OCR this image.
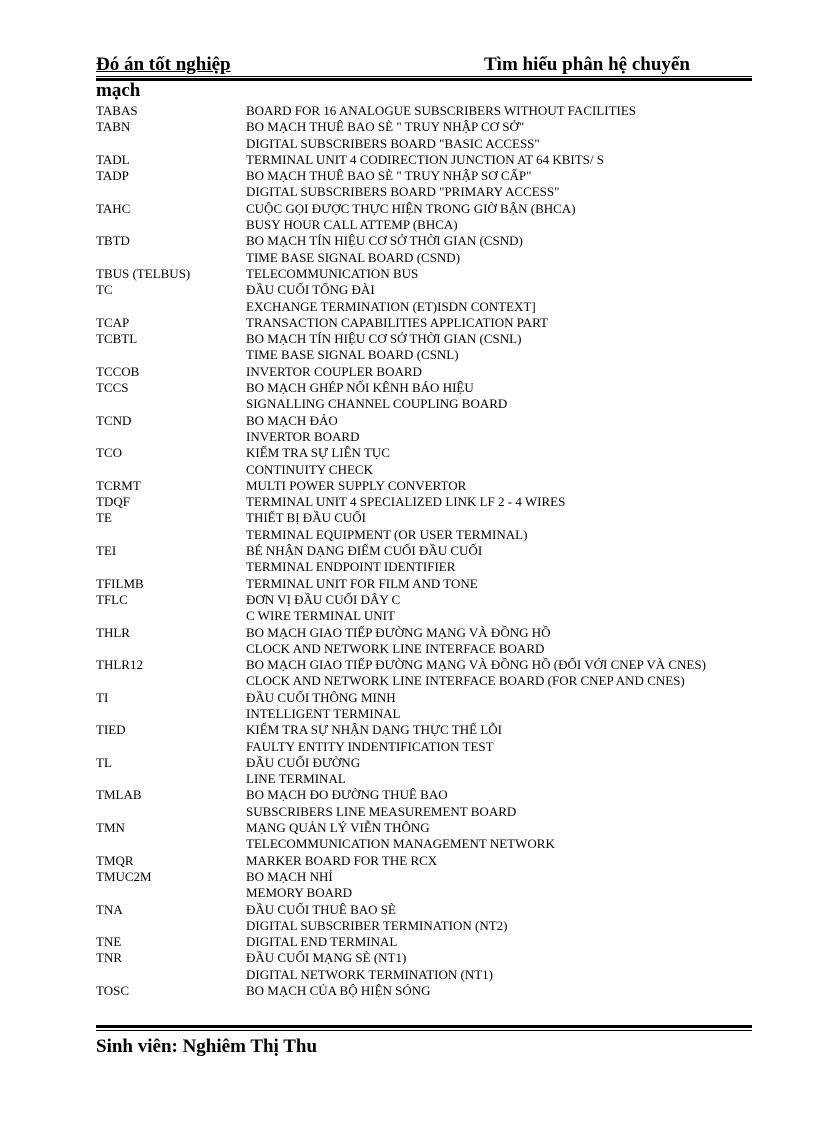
Đó án tốt nghiệp	Tìm hiểu phân hệ chuyển
mạch
TABAS	BOARD FOR 16 ANALOGUE SUBSCRIBERS WITHOUT FACILITIES
TABN	BO MẠCH THUÊ BAO SÈ " TRUY NHẬP CƠ SỞ"
DIGITAL SUBSCRIBERS BOARD "BASIC ACCESS"
TADL	TERMINAL UNIT 4 CODIRECTION JUNCTION AT 64 KBITS/ S
TADP	BO MẠCH THUÊ BAO SÈ " TRUY NHẬP SƠ CẤP"
DIGITAL SUBSCRIBERS BOARD "PRIMARY ACCESS"
TAHC	CUỘC GỌI ĐƯỢC THỰC HIỆN TRONG GIỜ BẬN (BHCA)
BUSY HOUR CALL ATTEMP (BHCA)
TBTD	BO MẠCH TÍN HIỆU CƠ SỞ THỜI GIAN (CSND)
TIME BASE SIGNAL BOARD (CSND)
TBUS (TELBUS)	TELECOMMUNICATION BUS
TC	ĐẦU CUỐI TỔNG ĐÀI
EXCHANGE TERMINATION (ET)ISDN CONTEXT]
TCAP	TRANSACTION CAPABILITIES APPLICATION PART
TCBTL	BO MẠCH TÍN HIỆU CƠ SỞ THỜI GIAN (CSNL)
TIME BASE SIGNAL BOARD (CSNL)
TCCOB	INVERTOR COUPLER BOARD
TCCS	BO MẠCH GHÉP NỐI KÊNH BÁO HIỆU
SIGNALLING CHANNEL COUPLING BOARD
TCND	BO MẠCH ĐẢO
INVERTOR BOARD
TCO	KIỂM TRA SỰ LIÊN TỤC
CONTINUITY CHECK
TCRMT	MULTI POWER SUPPLY CONVERTOR
TDQF	TERMINAL UNIT 4 SPECIALIZED LINK LF 2 - 4 WIRES
TE	THIẾT BỊ ĐẦU CUỐI
TERMINAL EQUIPMENT (OR USER TERMINAL)
TEI	BÉ NHẬN DẠNG ĐIỂM CUỐI ĐẦU CUỐI
TERMINAL ENDPOINT IDENTIFIER
TFILMB	TERMINAL UNIT FOR FILM AND TONE
TFLC	ĐƠN VỊ ĐẦU CUỐI DÂY C
C WIRE TERMINAL UNIT
THLR	BO MẠCH GIAO TIẾP ĐƯỜNG MẠNG VÀ ĐỒNG HỒ
CLOCK AND NETWORK LINE INTERFACE BOARD
THLR12	BO MẠCH GIAO TIẾP ĐƯỜNG MẠNG VÀ ĐỒNG HỒ (ĐỐI VỚI CNEP VÀ CNES)
CLOCK AND NETWORK LINE INTERFACE BOARD (FOR CNEP AND CNES)
TI	ĐẦU CUỐI THÔNG MINH
INTELLIGENT TERMINAL
TIED	KIỂM TRA SỰ NHẬN DẠNG THỰC THỂ LỖI
FAULTY ENTITY INDENTIFICATION TEST
TL	ĐẦU CUỐI ĐƯỜNG
LINE TERMINAL
TMLAB	BO MẠCH ĐO ĐƯỜNG THUÊ BAO
SUBSCRIBERS LINE MEASUREMENT BOARD
TMN	MẠNG QUẢN LÝ VIỄN THÔNG
TELECOMMUNICATION MANAGEMENT NETWORK
TMQR	MARKER BOARD FOR THE RCX
TMUC2M	BO MẠCH NHỈ
MEMORY BOARD
TNA	ĐẦU CUỐI THUÊ BAO SÈ
DIGITAL SUBSCRIBER TERMINATION (NT2)
TNE	DIGITAL END TERMINAL
TNR	ĐẦU CUỐI MẠNG SÈ (NT1)
DIGITAL NETWORK TERMINATION (NT1)
TOSC	BO MẠCH CỦA BỘ HIỆN SÓNG
Sinh viên: Nghiêm Thị Thu
